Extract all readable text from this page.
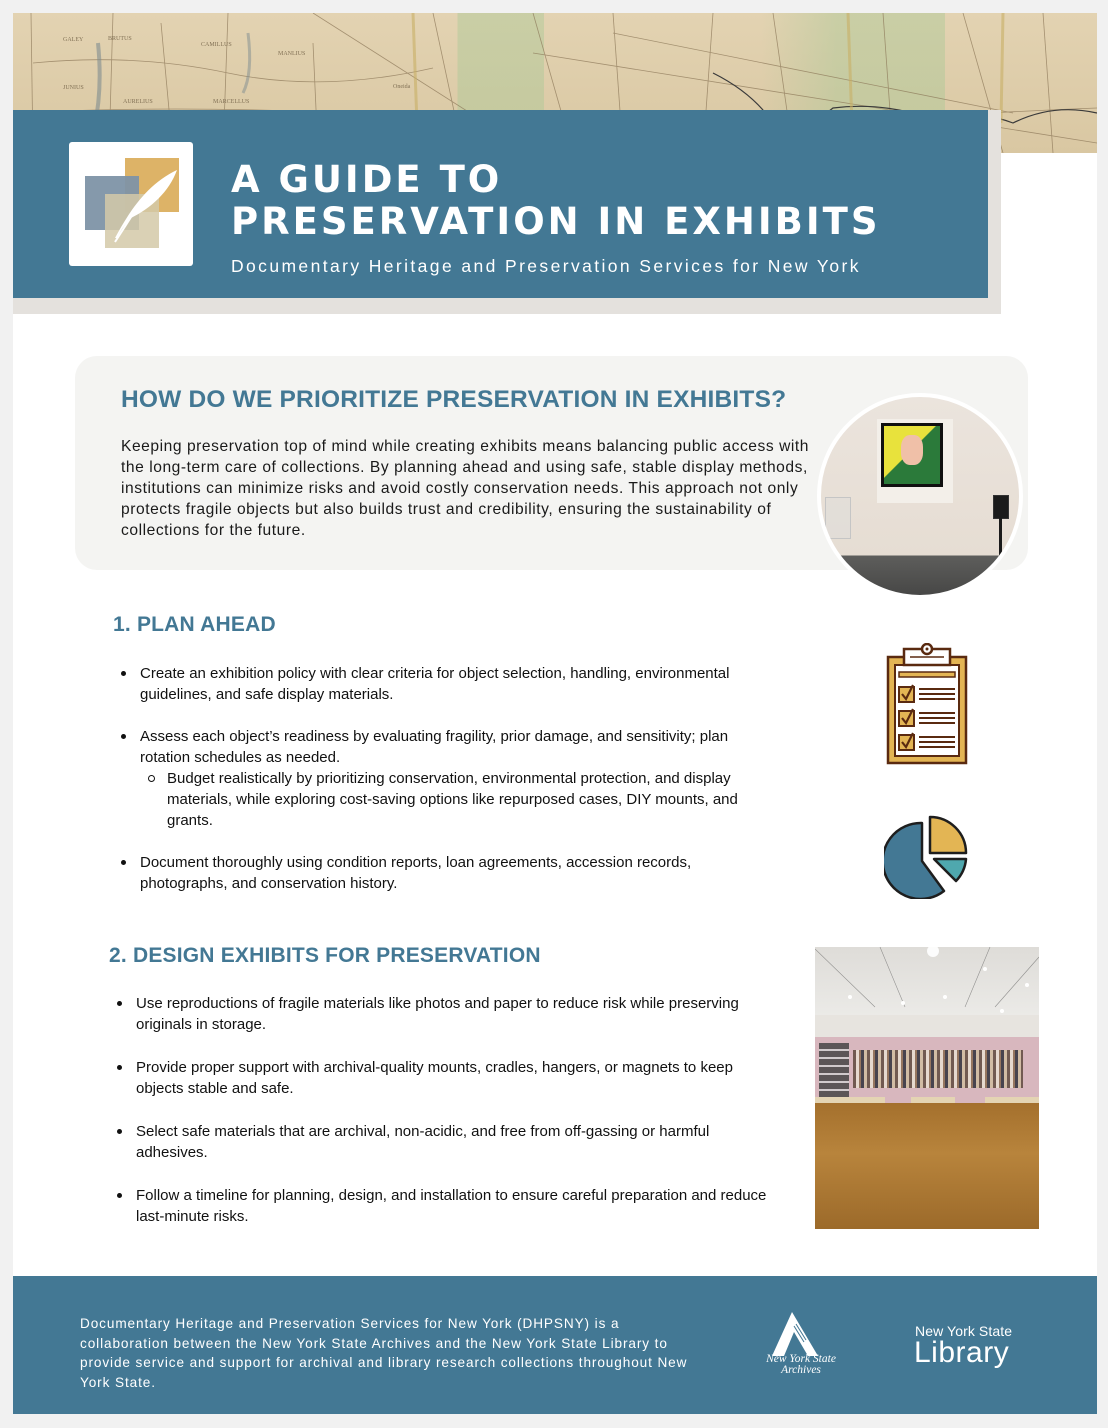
GALEY	BRUTUS
JUNIUS
CAMILLUS
MANLIUS
AURELIUS	MARCELLUS
Oneida
A GUIDE TO
PRESERVATION IN EXHIBITS
Documentary Heritage and Preservation Services for New York
HOW DO WE PRIORITIZE PRESERVATION IN EXHIBITS?
Keeping preservation top of mind while creating exhibits means balancing public access with the long-term care of collections. By planning ahead and using safe, stable display methods, institutions can minimize risks and avoid costly conservation needs. This approach not only protects fragile objects but also builds trust and credibility, ensuring the sustainability of collections for the future.
1. PLAN AHEAD
Create an exhibition policy with clear criteria for object selection, handling, environmental guidelines, and safe display materials.
Assess each object’s readiness by evaluating fragility, prior damage, and sensitivity; plan rotation schedules as needed.
Budget realistically by prioritizing conservation, environmental protection, and display materials, while exploring cost-saving options like repurposed cases, DIY mounts, and grants.
Document thoroughly using condition reports, loan agreements, accession records, photographs, and conservation history.
2. DESIGN EXHIBITS FOR PRESERVATION
Use reproductions of fragile materials like photos and paper to reduce risk while preserving originals in storage.
Provide proper support with archival-quality mounts, cradles, hangers, or magnets to keep objects stable and safe.
Select safe materials that are archival, non-acidic, and free from off-gassing or harmful adhesives.
Follow a timeline for planning, design, and installation to ensure careful preparation and reduce last-minute risks.
Documentary Heritage and Preservation Services for New York (DHPSNY) is a collaboration between the New York State Archives and the New York State Library to provide service and support for archival and library research collections throughout New York State.
New York State
Archives
New York State
Library
